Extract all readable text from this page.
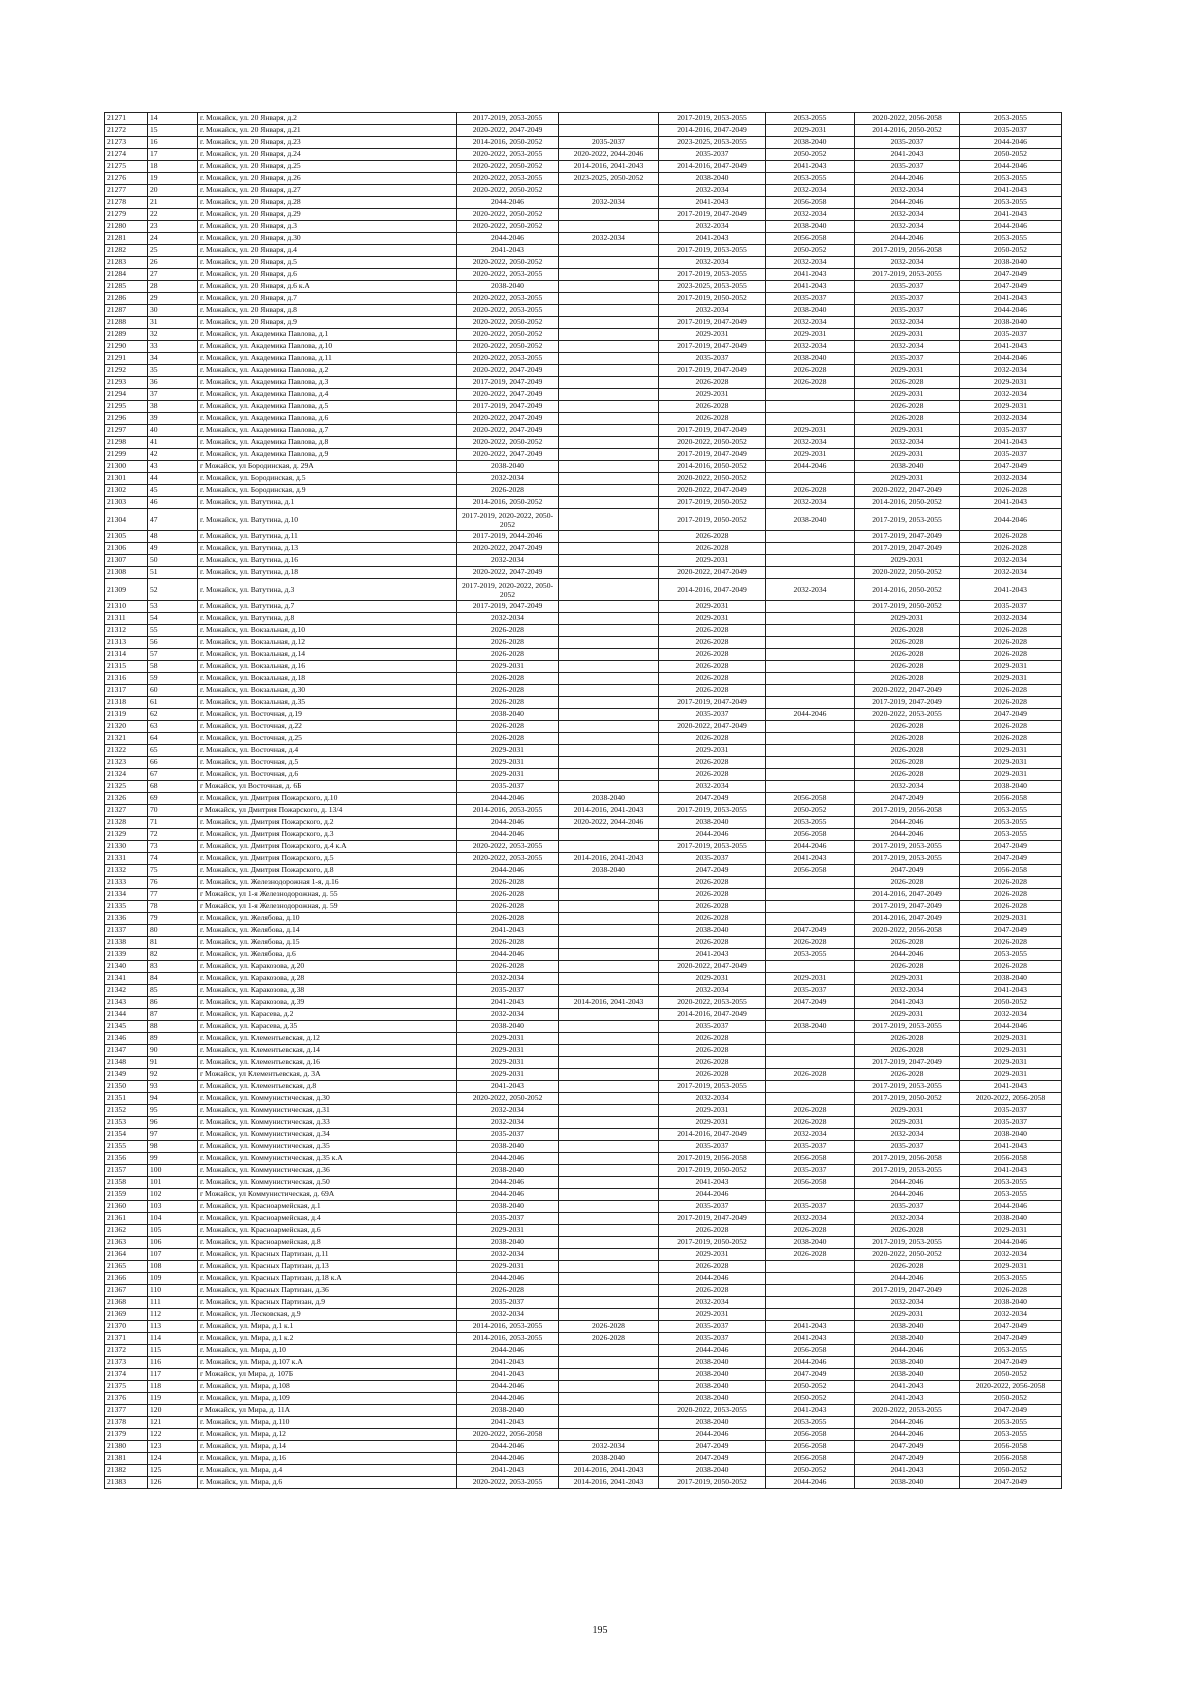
21271	14	г. Можайск, ул. 20 Января, д.2	2017-2019, 2053-2055		2017-2019, 2053-2055	2053-2055	2020-2022, 2056-2058	2053-2055
21272	15	г. Можайск, ул. 20 Января, д.21	2020-2022, 2047-2049		2014-2016, 2047-2049	2029-2031	2014-2016, 2050-2052	2035-2037
21273	16	г. Можайск, ул. 20 Января, д.23	2014-2016, 2050-2052	2035-2037	2023-2025, 2053-2055	2038-2040	2035-2037	2044-2046
21274	17	г. Можайск, ул. 20 Января, д.24	2020-2022, 2053-2055	2020-2022, 2044-2046	2035-2037	2050-2052	2041-2043	2050-2052
21275	18	г. Можайск, ул. 20 Января, д.25	2020-2022, 2050-2052	2014-2016, 2041-2043	2014-2016, 2047-2049	2041-2043	2035-2037	2044-2046
21276	19	г. Можайск, ул. 20 Января, д.26	2020-2022, 2053-2055	2023-2025, 2050-2052	2038-2040	2053-2055	2044-2046	2053-2055
21277	20	г. Можайск, ул. 20 Января, д.27	2020-2022, 2050-2052		2032-2034	2032-2034	2032-2034	2041-2043
21278	21	г. Можайск, ул. 20 Января, д.28	2044-2046	2032-2034	2041-2043	2056-2058	2044-2046	2053-2055
21279	22	г. Можайск, ул. 20 Января, д.29	2020-2022, 2050-2052		2017-2019, 2047-2049	2032-2034	2032-2034	2041-2043
21280	23	г. Можайск, ул. 20 Января, д.3	2020-2022, 2050-2052		2032-2034	2038-2040	2032-2034	2044-2046
21281	24	г. Можайск, ул. 20 Января, д.30	2044-2046	2032-2034	2041-2043	2056-2058	2044-2046	2053-2055
21282	25	г. Можайск, ул. 20 Января, д.4	2041-2043		2017-2019, 2053-2055	2050-2052	2017-2019, 2056-2058	2050-2052
21283	26	г. Можайск, ул. 20 Января, д.5	2020-2022, 2050-2052		2032-2034	2032-2034	2032-2034	2038-2040
21284	27	г. Можайск, ул. 20 Января, д.6	2020-2022, 2053-2055		2017-2019, 2053-2055	2041-2043	2017-2019, 2053-2055	2047-2049
21285	28	г. Можайск, ул. 20 Января, д.6 к.А	2038-2040		2023-2025, 2053-2055	2041-2043	2035-2037	2047-2049
21286	29	г. Можайск, ул. 20 Января, д.7	2020-2022, 2053-2055		2017-2019, 2050-2052	2035-2037	2035-2037	2041-2043
21287	30	г. Можайск, ул. 20 Января, д.8	2020-2022, 2053-2055		2032-2034	2038-2040	2035-2037	2044-2046
21288	31	г. Можайск, ул. 20 Января, д.9	2020-2022, 2050-2052		2017-2019, 2047-2049	2032-2034	2032-2034	2038-2040
21289	32	г. Можайск, ул. Академика Павлова, д.1	2020-2022, 2050-2052		2029-2031	2029-2031	2029-2031	2035-2037
21290	33	г. Можайск, ул. Академика Павлова, д.10	2020-2022, 2050-2052		2017-2019, 2047-2049	2032-2034	2032-2034	2041-2043
21291	34	г. Можайск, ул. Академика Павлова, д.11	2020-2022, 2053-2055		2035-2037	2038-2040	2035-2037	2044-2046
21292	35	г. Можайск, ул. Академика Павлова, д.2	2020-2022, 2047-2049		2017-2019, 2047-2049	2026-2028	2029-2031	2032-2034
21293	36	г. Можайск, ул. Академика Павлова, д.3	2017-2019, 2047-2049		2026-2028	2026-2028	2026-2028	2029-2031
21294	37	г. Можайск, ул. Академика Павлова, д.4	2020-2022, 2047-2049		2029-2031		2029-2031	2032-2034
21295	38	г. Можайск, ул. Академика Павлова, д.5	2017-2019, 2047-2049		2026-2028		2026-2028	2029-2031
21296	39	г. Можайск, ул. Академика Павлова, д.6	2020-2022, 2047-2049		2026-2028		2026-2028	2032-2034
21297	40	г. Можайск, ул. Академика Павлова, д.7	2020-2022, 2047-2049		2017-2019, 2047-2049	2029-2031	2029-2031	2035-2037
21298	41	г. Можайск, ул. Академика Павлова, д.8	2020-2022, 2050-2052		2020-2022, 2050-2052	2032-2034	2032-2034	2041-2043
21299	42	г. Можайск, ул. Академика Павлова, д.9	2020-2022, 2047-2049		2017-2019, 2047-2049	2029-2031	2029-2031	2035-2037
21300	43	г Можайск, ул Бородинская, д. 29А	2038-2040		2014-2016, 2050-2052	2044-2046	2038-2040	2047-2049
21301	44	г. Можайск, ул. Бородинская, д.5	2032-2034		2020-2022, 2050-2052		2029-2031	2032-2034
21302	45	г. Можайск, ул. Бородинская, д.9	2026-2028		2020-2022, 2047-2049	2026-2028	2020-2022, 2047-2049	2026-2028
21303	46	г. Можайск, ул. Ватутина, д.1	2014-2016, 2050-2052		2017-2019, 2050-2052	2032-2034	2014-2016, 2050-2052	2041-2043
21304	47	г. Можайск, ул. Ватутина, д.10	2017-2019, 2020-2022, 2050-2052		2017-2019, 2050-2052	2038-2040	2017-2019, 2053-2055	2044-2046
21305	48	г. Можайск, ул. Ватутина, д.11	2017-2019, 2044-2046		2026-2028		2017-2019, 2047-2049	2026-2028
21306	49	г. Можайск, ул. Ватутина, д.13	2020-2022, 2047-2049		2026-2028		2017-2019, 2047-2049	2026-2028
21307	50	г. Можайск, ул. Ватутина, д.16	2032-2034		2029-2031		2029-2031	2032-2034
21308	51	г. Можайск, ул. Ватутина, д.18	2020-2022, 2047-2049		2020-2022, 2047-2049		2020-2022, 2050-2052	2032-2034
21309	52	г. Можайск, ул. Ватутина, д.3	2017-2019, 2020-2022, 2050-2052		2014-2016, 2047-2049	2032-2034	2014-2016, 2050-2052	2041-2043
21310	53	г. Можайск, ул. Ватутина, д.7	2017-2019, 2047-2049		2029-2031		2017-2019, 2050-2052	2035-2037
21311	54	г. Можайск, ул. Ватутина, д.8	2032-2034		2029-2031		2029-2031	2032-2034
21312	55	г. Можайск, ул. Вокзальная, д.10	2026-2028		2026-2028		2026-2028	2026-2028
21313	56	г. Можайск, ул. Вокзальная, д.12	2026-2028		2026-2028		2026-2028	2026-2028
21314	57	г. Можайск, ул. Вокзальная, д.14	2026-2028		2026-2028		2026-2028	2026-2028
21315	58	г. Можайск, ул. Вокзальная, д.16	2029-2031		2026-2028		2026-2028	2029-2031
21316	59	г. Можайск, ул. Вокзальная, д.18	2026-2028		2026-2028		2026-2028	2029-2031
21317	60	г. Можайск, ул. Вокзальная, д.30	2026-2028		2026-2028		2020-2022, 2047-2049	2026-2028
21318	61	г. Можайск, ул. Вокзальная, д.35	2026-2028		2017-2019, 2047-2049		2017-2019, 2047-2049	2026-2028
21319	62	г. Можайск, ул. Восточная, д.19	2038-2040		2035-2037	2044-2046	2020-2022, 2053-2055	2047-2049
21320	63	г. Можайск, ул. Восточная, д.22	2026-2028		2020-2022, 2047-2049		2026-2028	2026-2028
21321	64	г. Можайск, ул. Восточная, д.25	2026-2028		2026-2028		2026-2028	2026-2028
21322	65	г. Можайск, ул. Восточная, д.4	2029-2031		2029-2031		2026-2028	2029-2031
21323	66	г. Можайск, ул. Восточная, д.5	2029-2031		2026-2028		2026-2028	2029-2031
21324	67	г. Можайск, ул. Восточная, д.6	2029-2031		2026-2028		2026-2028	2029-2031
21325	68	г Можайск, ул Восточная, д. 6Б	2035-2037		2032-2034		2032-2034	2038-2040
21326	69	г. Можайск, ул. Дмитрия Пожарского, д.10	2044-2046	2038-2040	2047-2049	2056-2058	2047-2049	2056-2058
21327	70	г Можайск, ул Дмитрия Пожарского, д. 13/4	2014-2016, 2053-2055	2014-2016, 2041-2043	2017-2019, 2053-2055	2050-2052	2017-2019, 2056-2058	2053-2055
21328	71	г. Можайск, ул. Дмитрия Пожарского, д.2	2044-2046	2020-2022, 2044-2046	2038-2040	2053-2055	2044-2046	2053-2055
21329	72	г. Можайск, ул. Дмитрия Пожарского, д.3	2044-2046		2044-2046	2056-2058	2044-2046	2053-2055
21330	73	г. Можайск, ул. Дмитрия Пожарского, д.4 к.А	2020-2022, 2053-2055		2017-2019, 2053-2055	2044-2046	2017-2019, 2053-2055	2047-2049
21331	74	г. Можайск, ул. Дмитрия Пожарского, д.5	2020-2022, 2053-2055	2014-2016, 2041-2043	2035-2037	2041-2043	2017-2019, 2053-2055	2047-2049
21332	75	г. Можайск, ул. Дмитрия Пожарского, д.8	2044-2046	2038-2040	2047-2049	2056-2058	2047-2049	2056-2058
21333	76	г. Можайск, ул. Железнодорожная 1-я, д.16	2026-2028		2026-2028		2026-2028	2026-2028
21334	77	г Можайск, ул 1-я Железнодорожная, д. 55	2026-2028		2026-2028		2014-2016, 2047-2049	2026-2028
21335	78	г Можайск, ул 1-я Железнодорожная, д. 59	2026-2028		2026-2028		2017-2019, 2047-2049	2026-2028
21336	79	г. Можайск, ул. Желябова, д.10	2026-2028		2026-2028		2014-2016, 2047-2049	2029-2031
21337	80	г. Можайск, ул. Желябова, д.14	2041-2043		2038-2040	2047-2049	2020-2022, 2056-2058	2047-2049
21338	81	г. Можайск, ул. Желябова, д.15	2026-2028		2026-2028	2026-2028	2026-2028	2026-2028
21339	82	г. Можайск, ул. Желябова, д.6	2044-2046		2041-2043	2053-2055	2044-2046	2053-2055
21340	83	г. Можайск, ул. Каракозова, д.20	2026-2028		2020-2022, 2047-2049		2026-2028	2026-2028
21341	84	г. Можайск, ул. Каракозова, д.28	2032-2034		2029-2031	2029-2031	2029-2031	2038-2040
21342	85	г. Можайск, ул. Каракозова, д.38	2035-2037		2032-2034	2035-2037	2032-2034	2041-2043
21343	86	г. Можайск, ул. Каракозова, д.39	2041-2043	2014-2016, 2041-2043	2020-2022, 2053-2055	2047-2049	2041-2043	2050-2052
21344	87	г. Можайск, ул. Карасева, д.2	2032-2034		2014-2016, 2047-2049		2029-2031	2032-2034
21345	88	г. Можайск, ул. Карасева, д.35	2038-2040		2035-2037	2038-2040	2017-2019, 2053-2055	2044-2046
21346	89	г. Можайск, ул. Клементьевская, д.12	2029-2031		2026-2028		2026-2028	2029-2031
21347	90	г. Можайск, ул. Клементьевская, д.14	2029-2031		2026-2028		2026-2028	2029-2031
21348	91	г. Можайск, ул. Клементьевская, д.16	2029-2031		2026-2028		2017-2019, 2047-2049	2029-2031
21349	92	г Можайск, ул Клементьевская, д. 3А	2029-2031		2026-2028	2026-2028	2026-2028	2029-2031
21350	93	г. Можайск, ул. Клементьевская, д.8	2041-2043		2017-2019, 2053-2055		2017-2019, 2053-2055	2041-2043
21351	94	г. Можайск, ул. Коммунистическая, д.30	2020-2022, 2050-2052		2032-2034		2017-2019, 2050-2052	2020-2022, 2056-2058
21352	95	г. Можайск, ул. Коммунистическая, д.31	2032-2034		2029-2031	2026-2028	2029-2031	2035-2037
21353	96	г. Можайск, ул. Коммунистическая, д.33	2032-2034		2029-2031	2026-2028	2029-2031	2035-2037
21354	97	г. Можайск, ул. Коммунистическая, д.34	2035-2037		2014-2016, 2047-2049	2032-2034	2032-2034	2038-2040
21355	98	г. Можайск, ул. Коммунистическая, д.35	2038-2040		2035-2037	2035-2037	2035-2037	2041-2043
21356	99	г. Можайск, ул. Коммунистическая, д.35 к.А	2044-2046		2017-2019, 2056-2058	2056-2058	2017-2019, 2056-2058	2056-2058
21357	100	г. Можайск, ул. Коммунистическая, д.36	2038-2040		2017-2019, 2050-2052	2035-2037	2017-2019, 2053-2055	2041-2043
21358	101	г. Можайск, ул. Коммунистическая, д.50	2044-2046		2041-2043	2056-2058	2044-2046	2053-2055
21359	102	г Можайск, ул Коммунистическая, д. 69А	2044-2046		2044-2046		2044-2046	2053-2055
21360	103	г. Можайск, ул. Красноармейская, д.1	2038-2040		2035-2037	2035-2037	2035-2037	2044-2046
21361	104	г. Можайск, ул. Красноармейская, д.4	2035-2037		2017-2019, 2047-2049	2032-2034	2032-2034	2038-2040
21362	105	г. Можайск, ул. Красноармейская, д.6	2029-2031		2026-2028	2026-2028	2026-2028	2029-2031
21363	106	г. Можайск, ул. Красноармейская, д.8	2038-2040		2017-2019, 2050-2052	2038-2040	2017-2019, 2053-2055	2044-2046
21364	107	г. Можайск, ул. Красных Партизан, д.11	2032-2034		2029-2031	2026-2028	2020-2022, 2050-2052	2032-2034
21365	108	г. Можайск, ул. Красных Партизан, д.13	2029-2031		2026-2028		2026-2028	2029-2031
21366	109	г. Можайск, ул. Красных Партизан, д.18 к.А	2044-2046		2044-2046		2044-2046	2053-2055
21367	110	г. Можайск, ул. Красных Партизан, д.36	2026-2028		2026-2028		2017-2019, 2047-2049	2026-2028
21368	111	г. Можайск, ул. Красных Партизан, д.9	2035-2037		2032-2034		2032-2034	2038-2040
21369	112	г. Можайск, ул. Лесковская, д.9	2032-2034		2029-2031		2029-2031	2032-2034
21370	113	г. Можайск, ул. Мира, д.1 к.1	2014-2016, 2053-2055	2026-2028	2035-2037	2041-2043	2038-2040	2047-2049
21371	114	г. Можайск, ул. Мира, д.1 к.2	2014-2016, 2053-2055	2026-2028	2035-2037	2041-2043	2038-2040	2047-2049
21372	115	г. Можайск, ул. Мира, д.10	2044-2046		2044-2046	2056-2058	2044-2046	2053-2055
21373	116	г. Можайск, ул. Мира, д.107 к.А	2041-2043		2038-2040	2044-2046	2038-2040	2047-2049
21374	117	г Можайск, ул Мира, д. 107Б	2041-2043		2038-2040	2047-2049	2038-2040	2050-2052
21375	118	г. Можайск, ул. Мира, д.108	2044-2046		2038-2040	2050-2052	2041-2043	2020-2022, 2056-2058
21376	119	г. Можайск, ул. Мира, д.109	2044-2046		2038-2040	2050-2052	2041-2043	2050-2052
21377	120	г Можайск, ул Мира, д. 11А	2038-2040		2020-2022, 2053-2055	2041-2043	2020-2022, 2053-2055	2047-2049
21378	121	г. Можайск, ул. Мира, д.110	2041-2043		2038-2040	2053-2055	2044-2046	2053-2055
21379	122	г. Можайск, ул. Мира, д.12	2020-2022, 2056-2058		2044-2046	2056-2058	2044-2046	2053-2055
21380	123	г. Можайск, ул. Мира, д.14	2044-2046	2032-2034	2047-2049	2056-2058	2047-2049	2056-2058
21381	124	г. Можайск, ул. Мира, д.16	2044-2046	2038-2040	2047-2049	2056-2058	2047-2049	2056-2058
21382	125	г. Можайск, ул. Мира, д.4	2041-2043	2014-2016, 2041-2043	2038-2040	2050-2052	2041-2043	2050-2052
21383	126	г. Можайск, ул. Мира, д.6	2020-2022, 2053-2055	2014-2016, 2041-2043	2017-2019, 2050-2052	2044-2046	2038-2040	2047-2049
195
